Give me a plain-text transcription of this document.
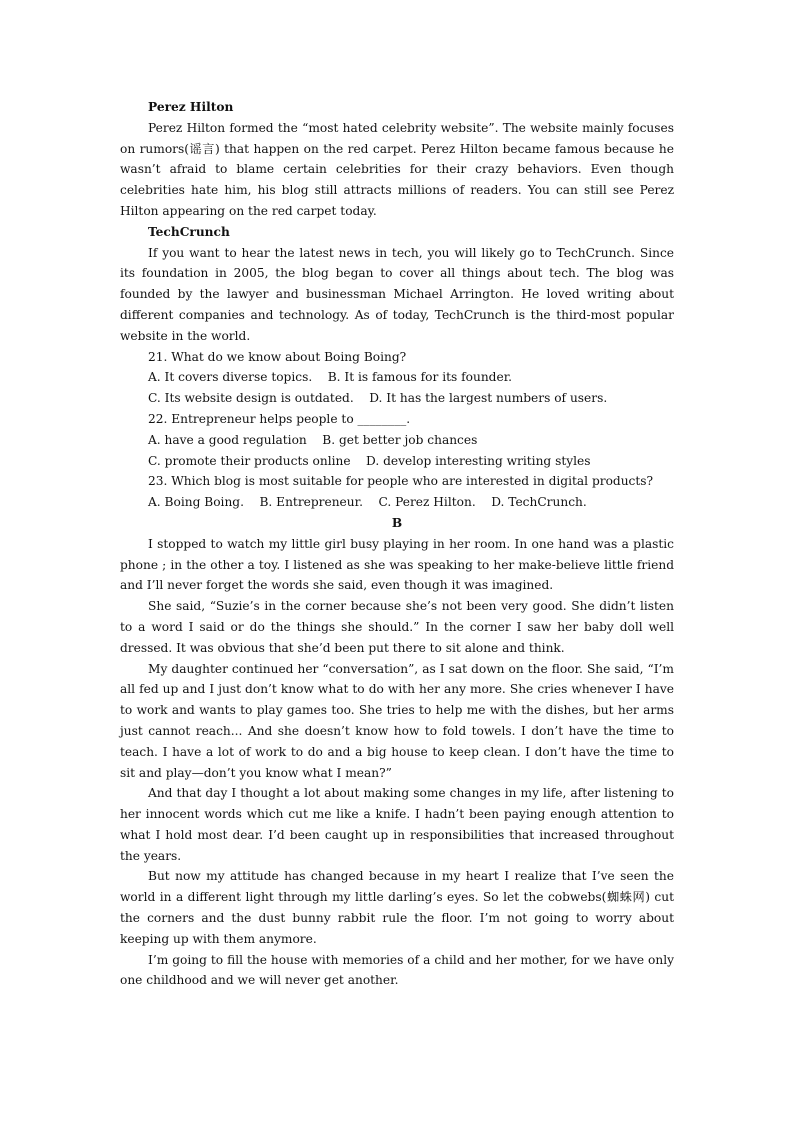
Perez Hilton

Perez Hilton formed the “most hated celebrity website”. The website mainly focuses on rumors(谣言) that happen on the red carpet. Perez Hilton became famous because he wasn’t afraid to blame certain celebrities for their crazy behaviors. Even though celebrities hate him, his blog still attracts millions of readers. You can still see Perez Hilton appearing on the red carpet today.

TechCrunch

If you want to hear the latest news in tech, you will likely go to TechCrunch. Since its foundation in 2005, the blog began to cover all things about tech. The blog was founded by the lawyer and businessman Michael Arrington. He loved writing about different companies and technology. As of today, TechCrunch is the third-most popular website in the world.

21. What do we know about Boing Boing?

A. It covers diverse topics.    B. It is famous for its founder.

C. Its website design is outdated.    D. It has the largest numbers of users.

22. Entrepreneur helps people to ________.

A. have a good regulation    B. get better job chances

C. promote their products online    D. develop interesting writing styles

23. Which blog is most suitable for people who are interested in digital products?

A. Boing Boing.    B. Entrepreneur.    C. Perez Hilton.    D. TechCrunch.

B

I stopped to watch my little girl busy playing in her room. In one hand was a plastic phone ; in the other a toy. I listened as she was speaking to her make-believe little friend and I’ll never forget the words she said, even though it was imagined.

She said, “Suzie’s in the corner because she’s not been very good. She didn’t listen to a word I said or do the things she should.” In the corner I saw her baby doll well dressed. It was obvious that she’d been put there to sit alone and think.

My daughter continued her “conversation”, as I sat down on the floor. She said, “I’m all fed up and I just don’t know what to do with her any more. She cries whenever I have to work and wants to play games too. She tries to help me with the dishes, but her arms just cannot reach... And she doesn’t know how to fold towels. I don’t have the time to teach. I have a lot of work to do and a big house to keep clean. I don’t have the time to sit and play—don’t you know what I mean?”

And that day I thought a lot about making some changes in my life, after listening to her innocent words which cut me like a knife. I hadn’t been paying enough attention to what I hold most dear. I’d been caught up in responsibilities that increased throughout the years.

But now my attitude has changed because in my heart I realize that I’ve seen the world in a different light through my little darling’s eyes. So let the cobwebs(蜘蛛网) cut the corners and the dust bunny rabbit rule the floor. I’m not going to worry about keeping up with them anymore.

I’m going to fill the house with memories of a child and her mother, for we have only one childhood and we will never get another.
